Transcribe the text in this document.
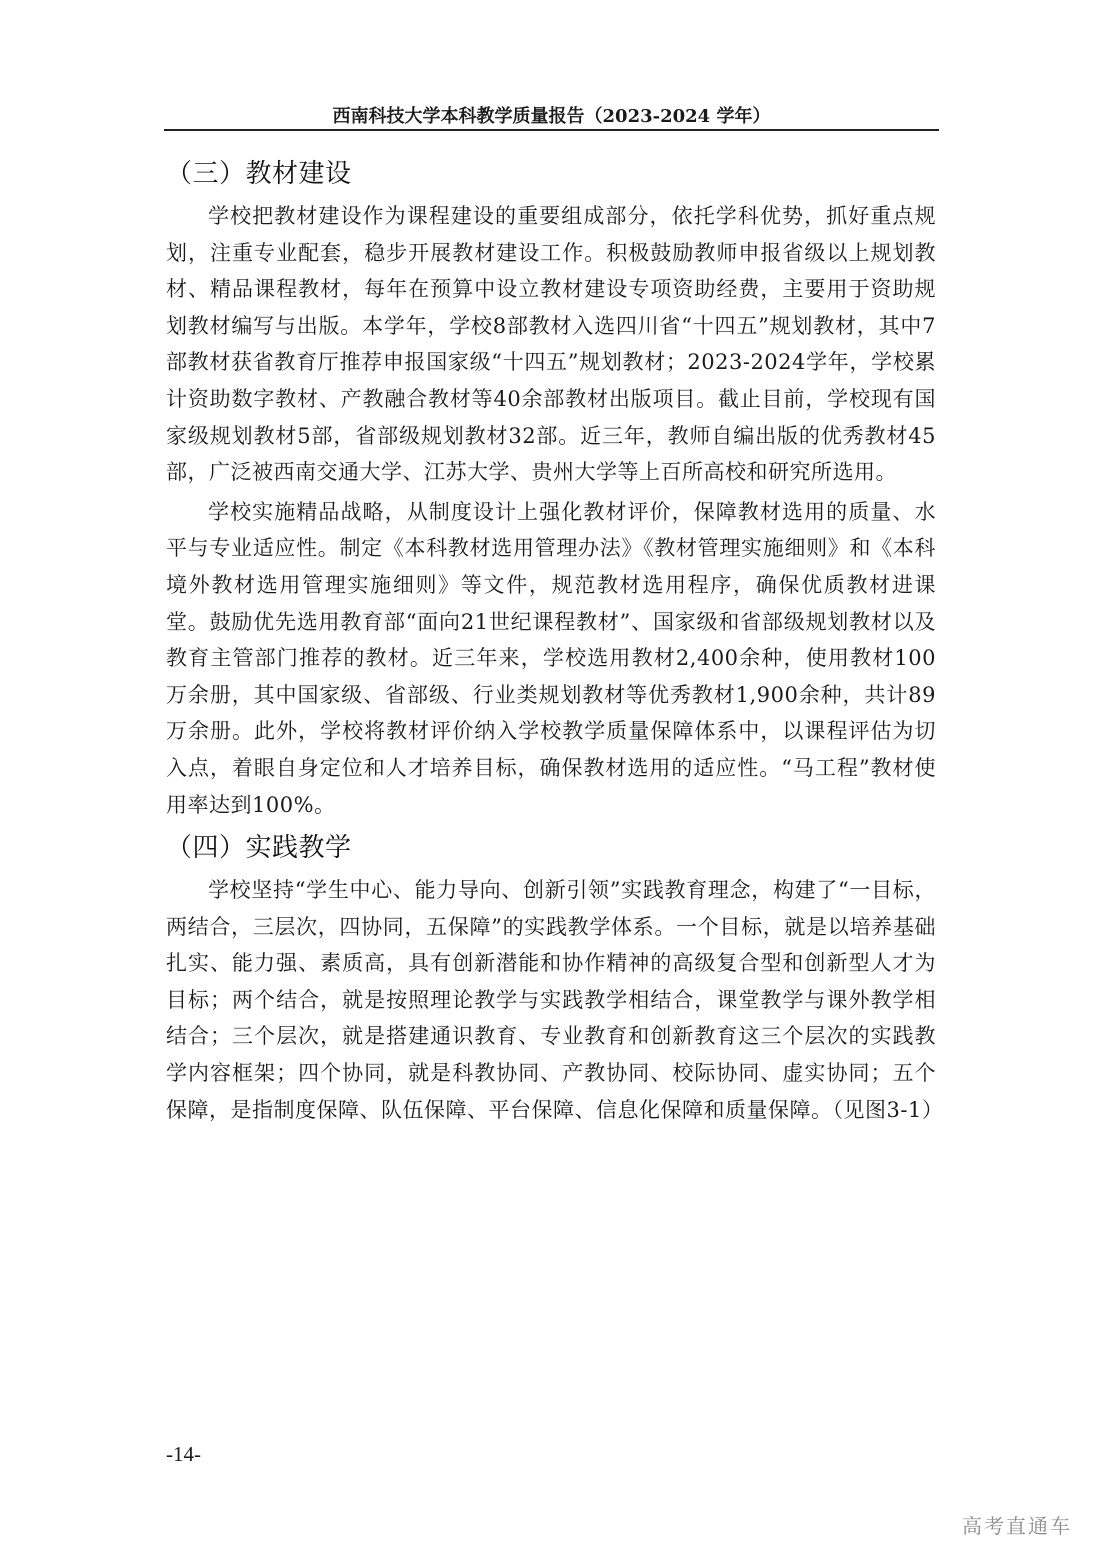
西南科技大学本科教学质量报告（2023-2024 学年）
（三）教材建设

学校把教材建设作为课程建设的重要组成部分，依托学科优势，抓好重点规划，注重专业配套，稳步开展教材建设工作。积极鼓励教师申报省级以上规划教材、精品课程教材，每年在预算中设立教材建设专项资助经费，主要用于资助规划教材编写与出版。本学年，学校8部教材入选四川省“十四五”规划教材，其中7部教材获省教育厅推荐申报国家级“十四五”规划教材；2023-2024学年，学校累计资助数字教材、产教融合教材等40余部教材出版项目。截止目前，学校现有国家级规划教材5部，省部级规划教材32部。近三年，教师自编出版的优秀教材45部，广泛被西南交通大学、江苏大学、贵州大学等上百所高校和研究所选用。

学校实施精品战略，从制度设计上强化教材评价，保障教材选用的质量、水平与专业适应性。制定《本科教材选用管理办法》《教材管理实施细则》和《本科境外教材选用管理实施细则》等文件，规范教材选用程序，确保优质教材进课堂。鼓励优先选用教育部“面向21世纪课程教材”、国家级和省部级规划教材以及教育主管部门推荐的教材。近三年来，学校选用教材2,400余种，使用教材100万余册，其中国家级、省部级、行业类规划教材等优秀教材1,900余种，共计89万余册。此外，学校将教材评价纳入学校教学质量保障体系中，以课程评估为切入点，着眼自身定位和人才培养目标，确保教材选用的适应性。“马工程”教材使用率达到100%。

（四）实践教学

学校坚持“学生中心、能力导向、创新引领”实践教育理念，构建了“一目标，两结合，三层次，四协同，五保障”的实践教学体系。一个目标，就是以培养基础扎实、能力强、素质高，具有创新潜能和协作精神的高级复合型和创新型人才为目标；两个结合，就是按照理论教学与实践教学相结合，课堂教学与课外教学相结合；三个层次，就是搭建通识教育、专业教育和创新教育这三个层次的实践教学内容框架；四个协同，就是科教协同、产教协同、校际协同、虚实协同；五个保障，是指制度保障、队伍保障、平台保障、信息化保障和质量保障。（见图3-1）

-14-
高考直通车
